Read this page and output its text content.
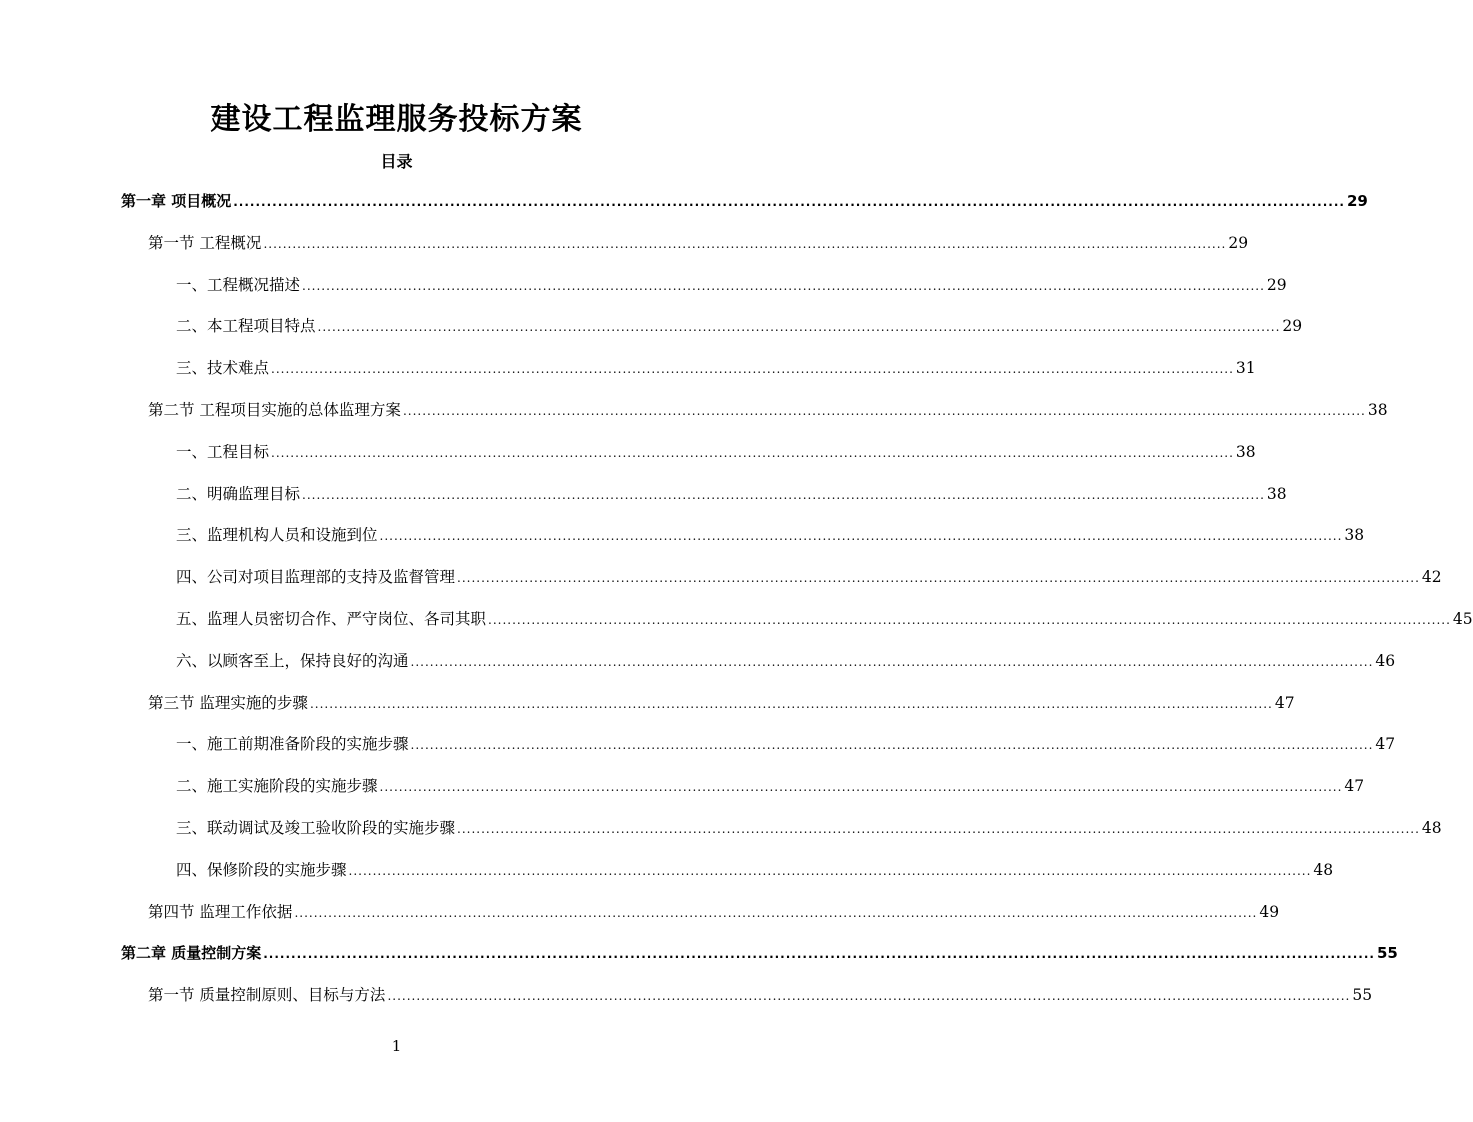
建设工程监理服务投标方案
目录
第一章 项目概况 ........................................................................................................................................................................................................ 29
第一节 工程概况 ........................................................................................................................................................................................................ 29
一、工程概况描述 ........................................................................................................................................................................................................ 29
二、本工程项目特点 ........................................................................................................................................................................................................ 29
三、技术难点 ........................................................................................................................................................................................................ 31
第二节 工程项目实施的总体监理方案 ........................................................................................................................................................................................................ 38
一、工程目标 ........................................................................................................................................................................................................ 38
二、明确监理目标 ........................................................................................................................................................................................................ 38
三、监理机构人员和设施到位 ........................................................................................................................................................................................................ 38
四、公司对项目监理部的支持及监督管理 ........................................................................................................................................................................................................ 42
五、监理人员密切合作、严守岗位、各司其职 ........................................................................................................................................................................................................ 45
六、以顾客至上，保持良好的沟通 ........................................................................................................................................................................................................ 46
第三节 监理实施的步骤 ........................................................................................................................................................................................................ 47
一、施工前期准备阶段的实施步骤 ........................................................................................................................................................................................................ 47
二、施工实施阶段的实施步骤 ........................................................................................................................................................................................................ 47
三、联动调试及竣工验收阶段的实施步骤 ........................................................................................................................................................................................................ 48
四、保修阶段的实施步骤 ........................................................................................................................................................................................................ 48
第四节 监理工作依据 ........................................................................................................................................................................................................ 49
第二章 质量控制方案 ........................................................................................................................................................................................................ 55
第一节 质量控制原则、目标与方法 ........................................................................................................................................................................................................ 55
1
